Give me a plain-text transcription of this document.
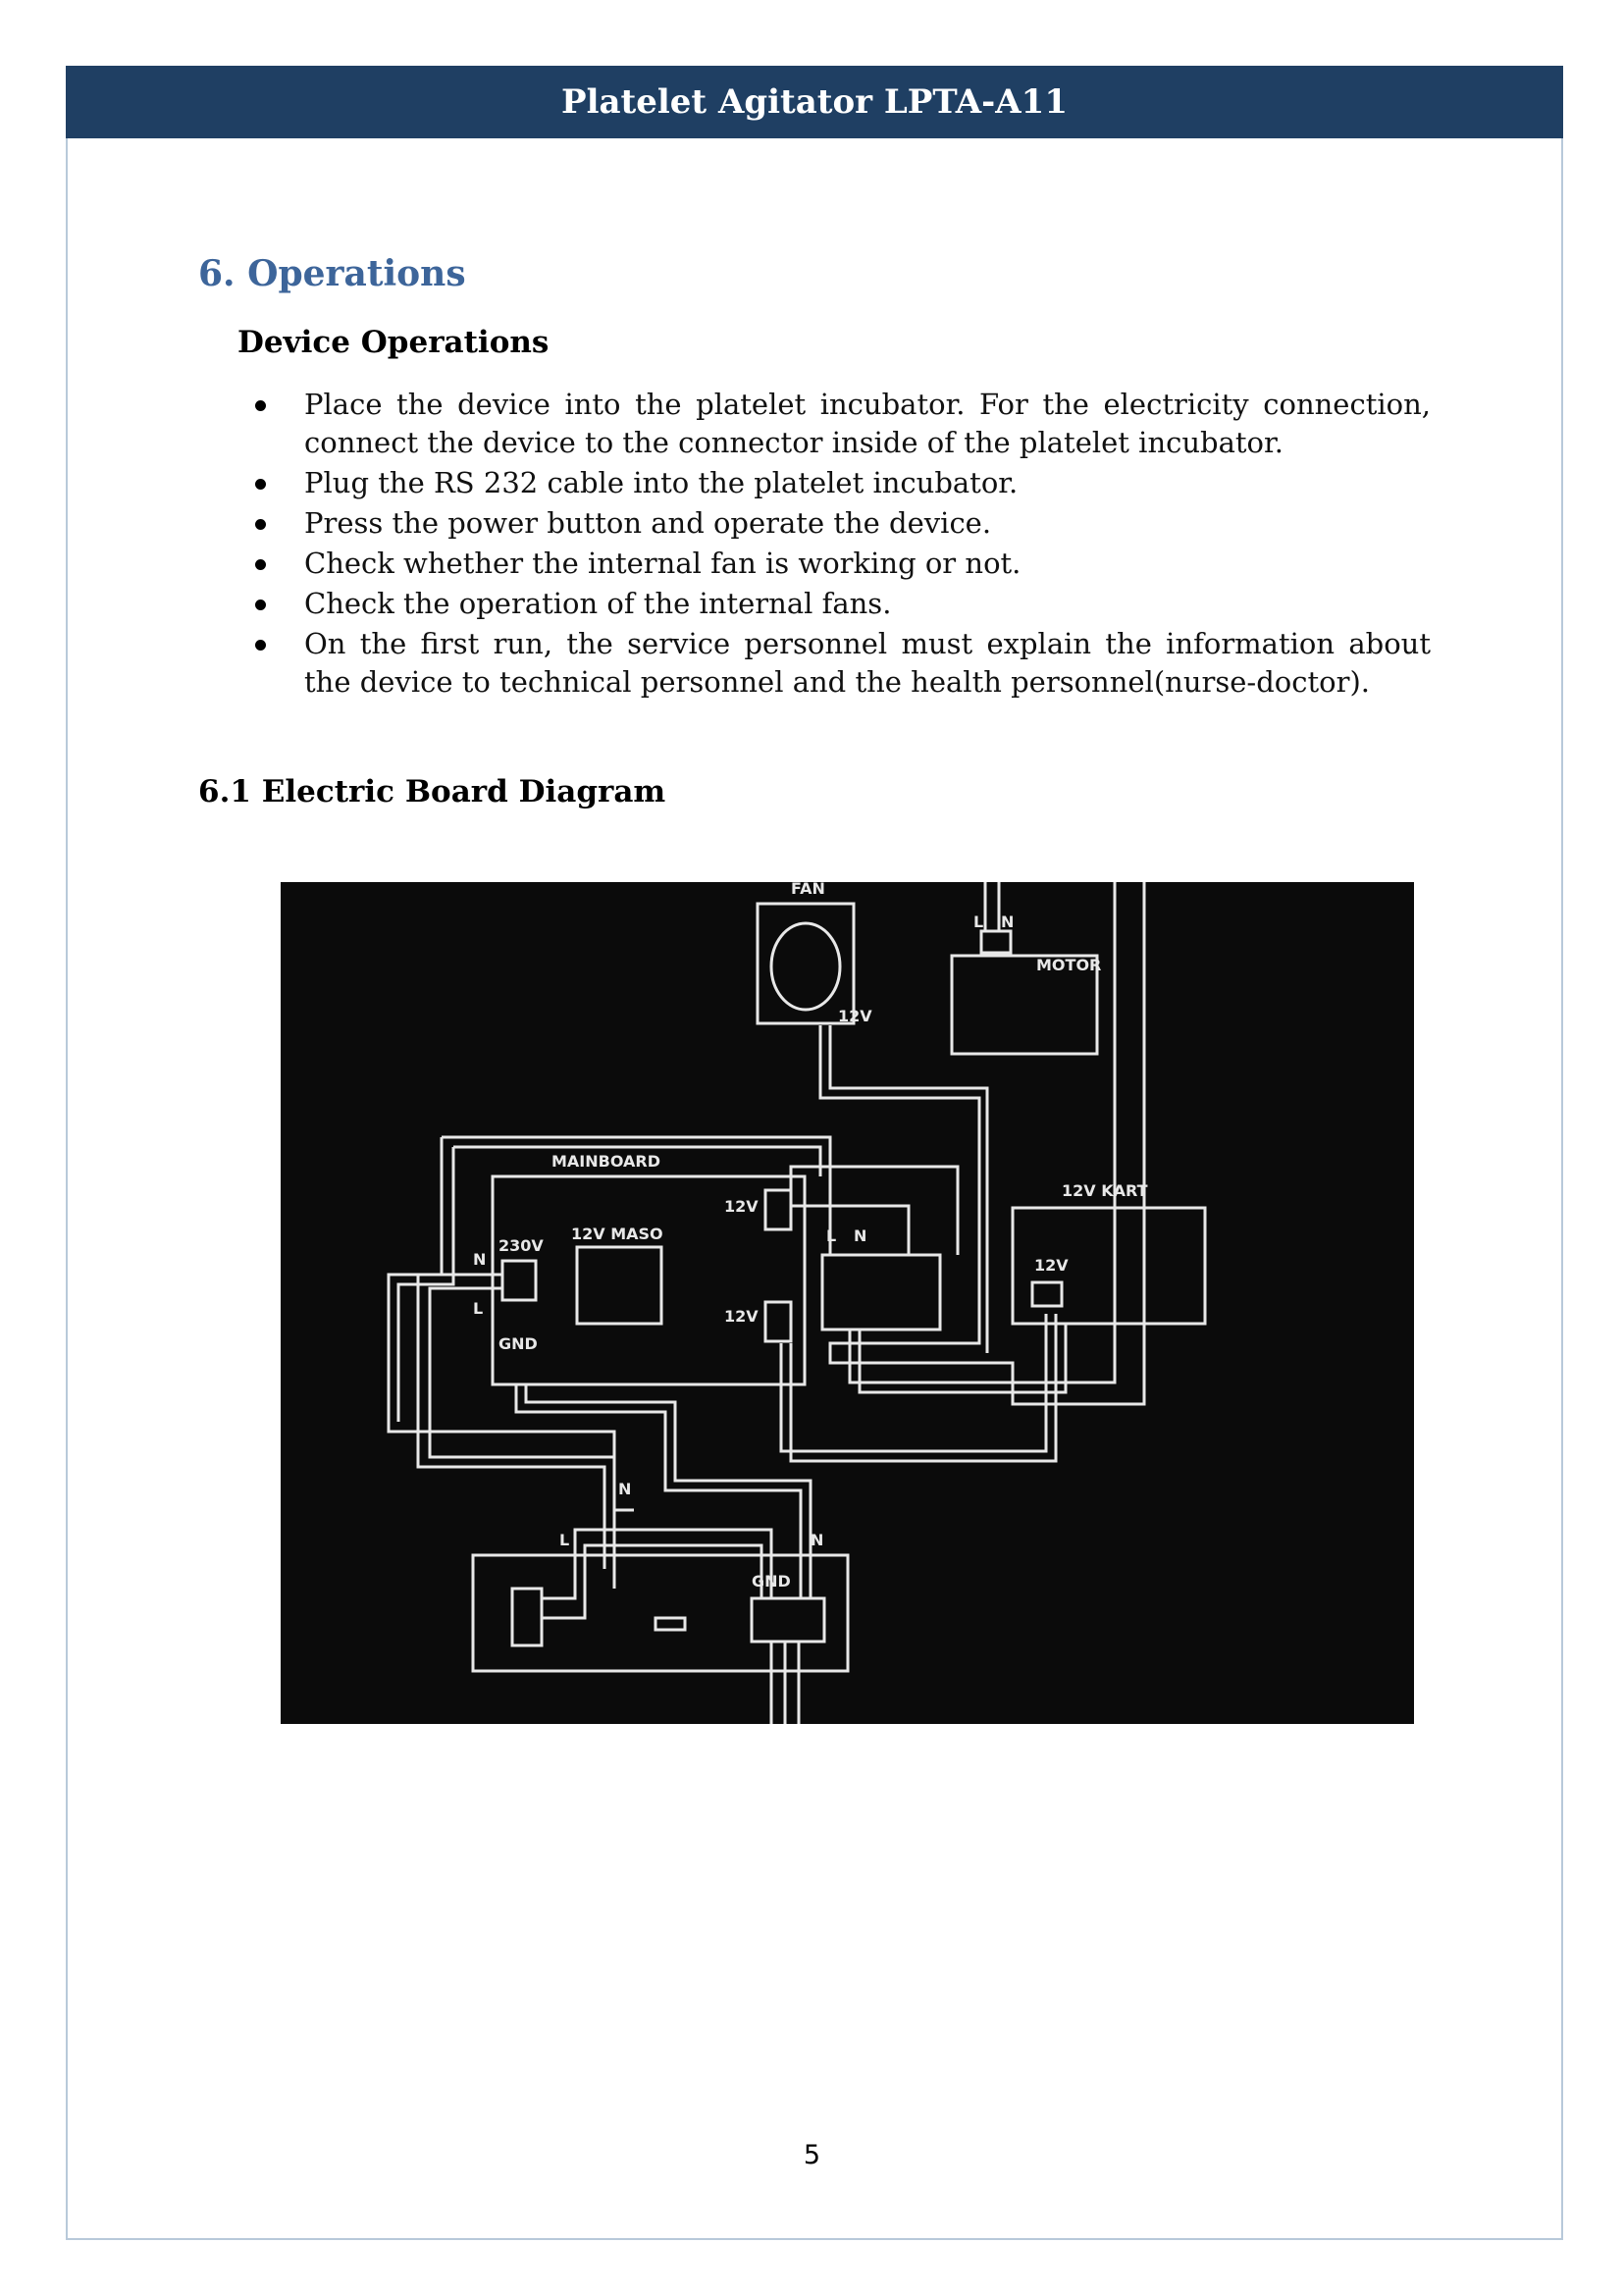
Platelet Agitator LPTA-A11
6. Operations
Device Operations
Place the device into the platelet incubator. For the electricity connection, connect the device to the connector inside of the platelet incubator.
Plug the RS 232 cable into the platelet incubator.
Press the power button and operate the device.
Check whether the internal fan is working or not.
Check the operation of the internal fans.
On the first run, the service personnel must explain the information about the device to technical personnel and the health personnel(nurse-doctor).
6.1 Electric Board Diagram
FAN
MOTOR
MAINBOARD
12V MASO
12V KART
12V
12V
12V
12V
230V
GND
GND
L N
N
L
L N
N
L	N
5
